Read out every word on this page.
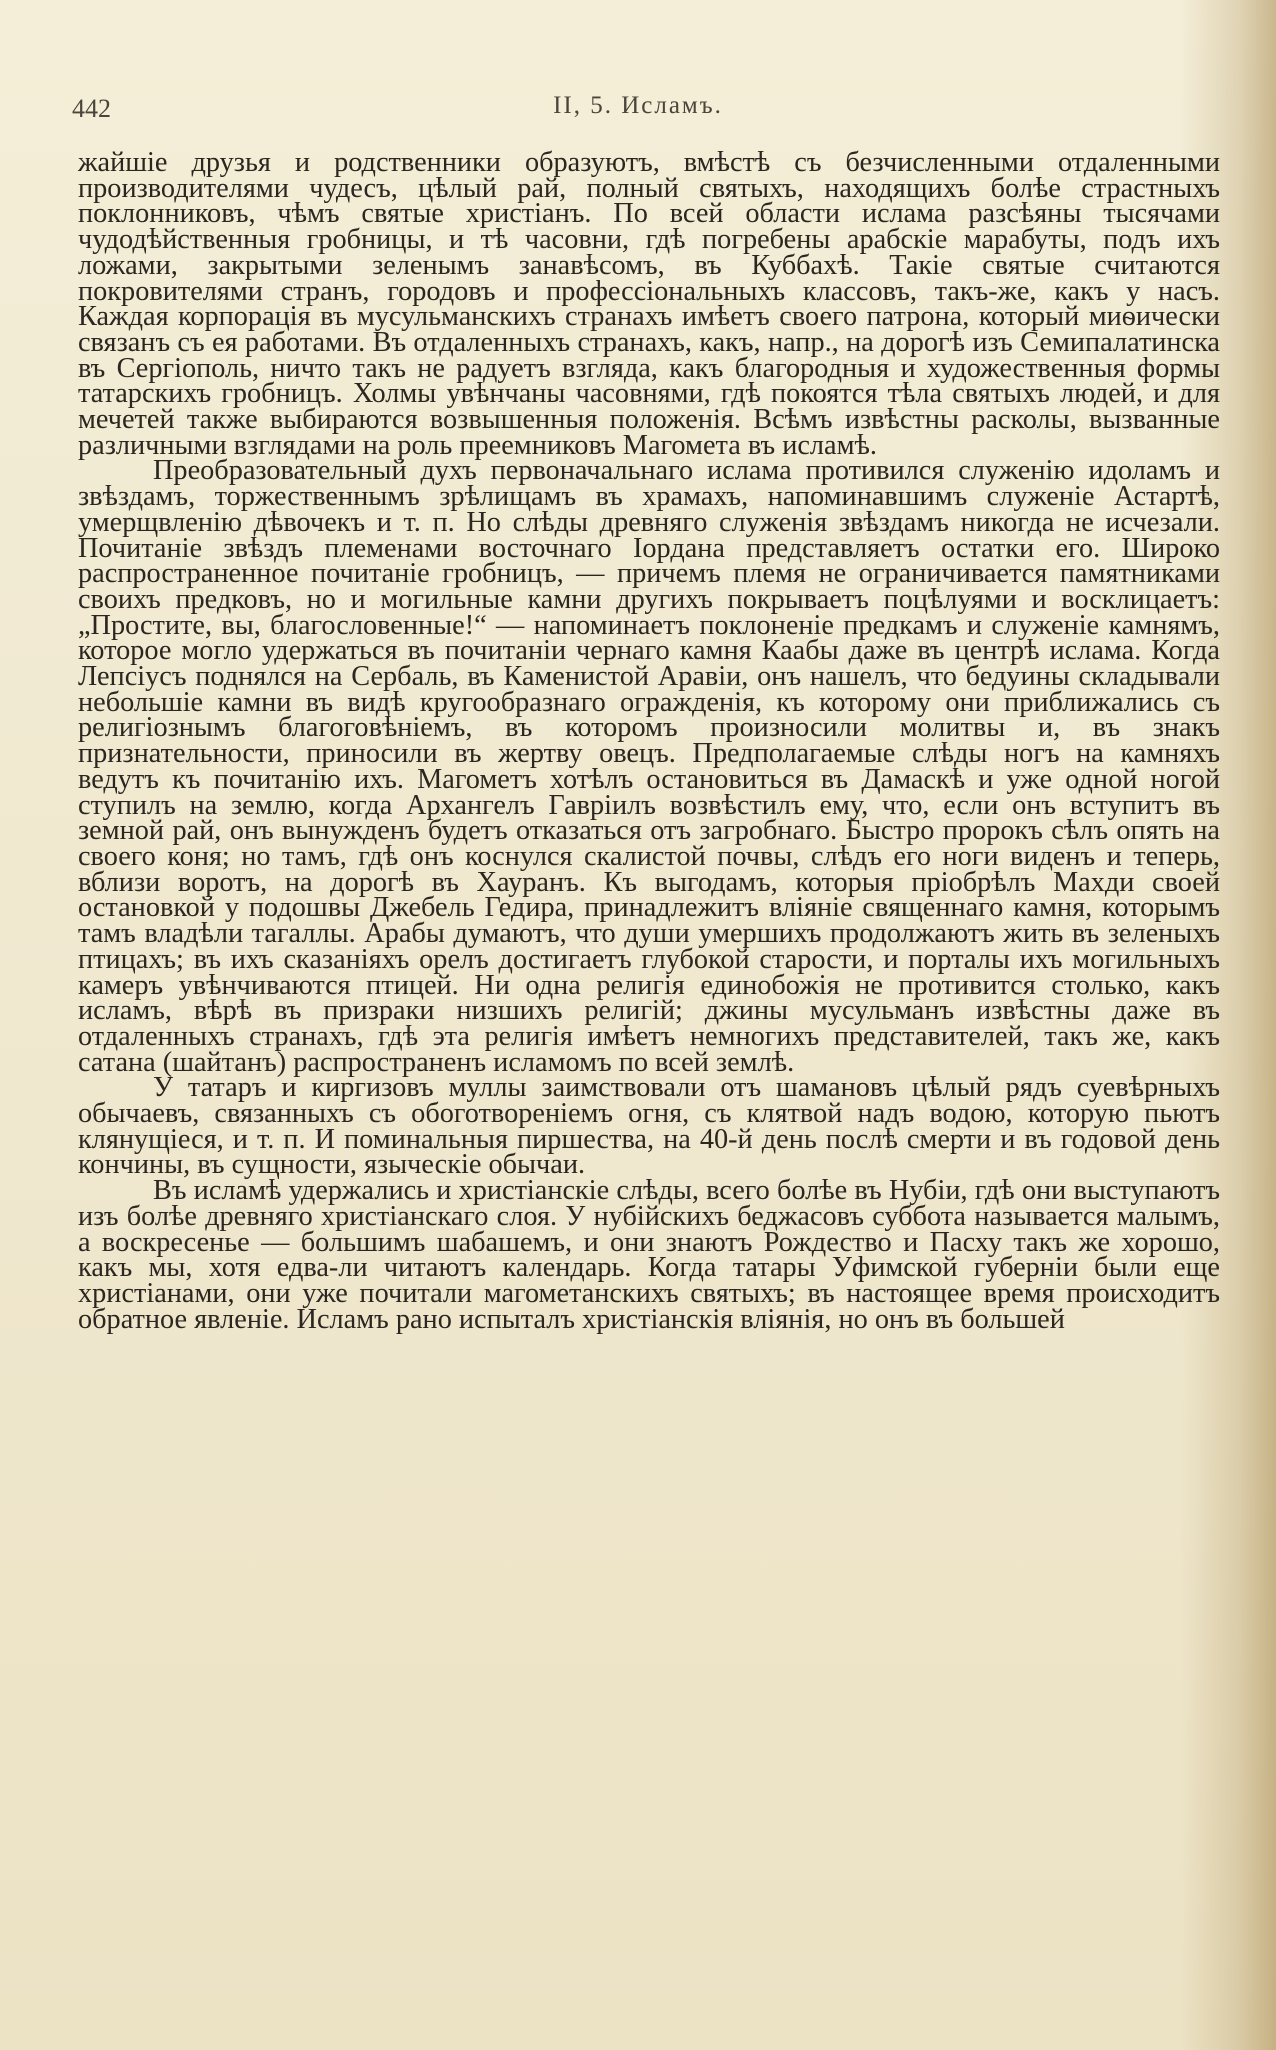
442	II, 5. Исламъ.

жайшіе друзья и родственники образуютъ, вмѣстѣ съ безчисленными отдаленными производителями чудесъ, цѣлый рай, полный святыхъ, находящихъ болѣе страстныхъ поклонниковъ, чѣмъ святые христіанъ. По всей области ислама разсѣяны тысячами чудодѣйственныя гробницы, и тѣ часовни, гдѣ погребены арабскіе марабуты, подъ ихъ ложами, закрытыми зеленымъ занавѣсомъ, въ Куббахѣ. Такіе святые считаются покровителями странъ, городовъ и профессіональныхъ классовъ, такъ-же, какъ у насъ. Каждая корпорація въ мусульманскихъ странахъ имѣетъ своего патрона, который миѳически связанъ съ ея работами. Въ отдаленныхъ странахъ, какъ, напр., на дорогѣ изъ Семипалатинска въ Сергіополь, ничто такъ не радуетъ взгляда, какъ благородныя и художественныя формы татарскихъ гробницъ. Холмы увѣнчаны часовнями, гдѣ покоятся тѣла святыхъ людей, и для мечетей также выбираются возвышенныя положенія. Всѣмъ извѣстны расколы, вызванные различными взглядами на роль преемниковъ Магомета въ исламѣ.

Преобразовательный духъ первоначальнаго ислама противился служенію идоламъ и звѣздамъ, торжественнымъ зрѣлищамъ въ храмахъ, напоминавшимъ служеніе Астартѣ, умерщвленію дѣвочекъ и т. п. Но слѣды древняго служенія звѣздамъ никогда не исчезали. Почитаніе звѣздъ племенами восточнаго Іордана представляетъ остатки его. Широко распространенное почитаніе гробницъ, — причемъ племя не ограничивается памятниками своихъ предковъ, но и могильные камни другихъ покрываетъ поцѣлуями и восклицаетъ: „Простите, вы, благословенные!“ — напоминаетъ поклоненіе предкамъ и служеніе камнямъ, которое могло удержаться въ почитаніи чернаго камня Каабы даже въ центрѣ ислама. Когда Лепсіусъ поднялся на Сербаль, въ Каменистой Аравіи, онъ нашелъ, что бедуины складывали небольшіе камни въ видѣ кругообразнаго огражденія, къ которому они приближались съ религіознымъ благоговѣніемъ, въ которомъ произносили молитвы и, въ знакъ признательности, приносили въ жертву овецъ. Предполагаемые слѣды ногъ на камняхъ ведутъ къ почитанію ихъ. Магометъ хотѣлъ остановиться въ Дамаскѣ и уже одной ногой ступилъ на землю, когда Архангелъ Гавріилъ возвѣстилъ ему, что, если онъ вступитъ въ земной рай, онъ вынужденъ будетъ отказаться отъ загробнаго. Быстро пророкъ сѣлъ опять на своего коня; но тамъ, гдѣ онъ коснулся скалистой почвы, слѣдъ его ноги виденъ и теперь, вблизи воротъ, на дорогѣ въ Хауранъ. Къ выгодамъ, которыя пріобрѣлъ Махди своей остановкой у подошвы Джебель Гедира, принадлежитъ вліяніе священнаго камня, которымъ тамъ владѣли тагаллы. Арабы думаютъ, что души умершихъ продолжаютъ жить въ зеленыхъ птицахъ; въ ихъ сказаніяхъ орелъ достигаетъ глубокой старости, и порталы ихъ могильныхъ камеръ увѣнчиваются птицей. Ни одна религія единобожія не противится столько, какъ исламъ, вѣрѣ въ призраки низшихъ религій; джины мусульманъ извѣстны даже въ отдаленныхъ странахъ, гдѣ эта религія имѣетъ немногихъ представителей, такъ же, какъ сатана (шайтанъ) распространенъ исламомъ по всей землѣ.

У татаръ и киргизовъ муллы заимствовали отъ шамановъ цѣлый рядъ суевѣрныхъ обычаевъ, связанныхъ съ обоготвореніемъ огня, съ клятвой надъ водою, которую пьютъ клянущіеся, и т. п. И поминальныя пиршества, на 40-й день послѣ смерти и въ годовой день кончины, въ сущности, языческіе обычаи.

Въ исламѣ удержались и христіанскіе слѣды, всего болѣе въ Нубіи, гдѣ они выступаютъ изъ болѣе древняго христіанскаго слоя. У нубійскихъ беджасовъ суббота называется малымъ, а воскресенье — большимъ шабашемъ, и они знаютъ Рождество и Пасху такъ же хорошо, какъ мы, хотя едва-ли читаютъ календарь. Когда татары Уфимской губерніи были еще христіанами, они уже почитали магометанскихъ святыхъ; въ настоящее время происходитъ обратное явленіе. Исламъ рано испыталъ христіанскія вліянія, но онъ въ большей
